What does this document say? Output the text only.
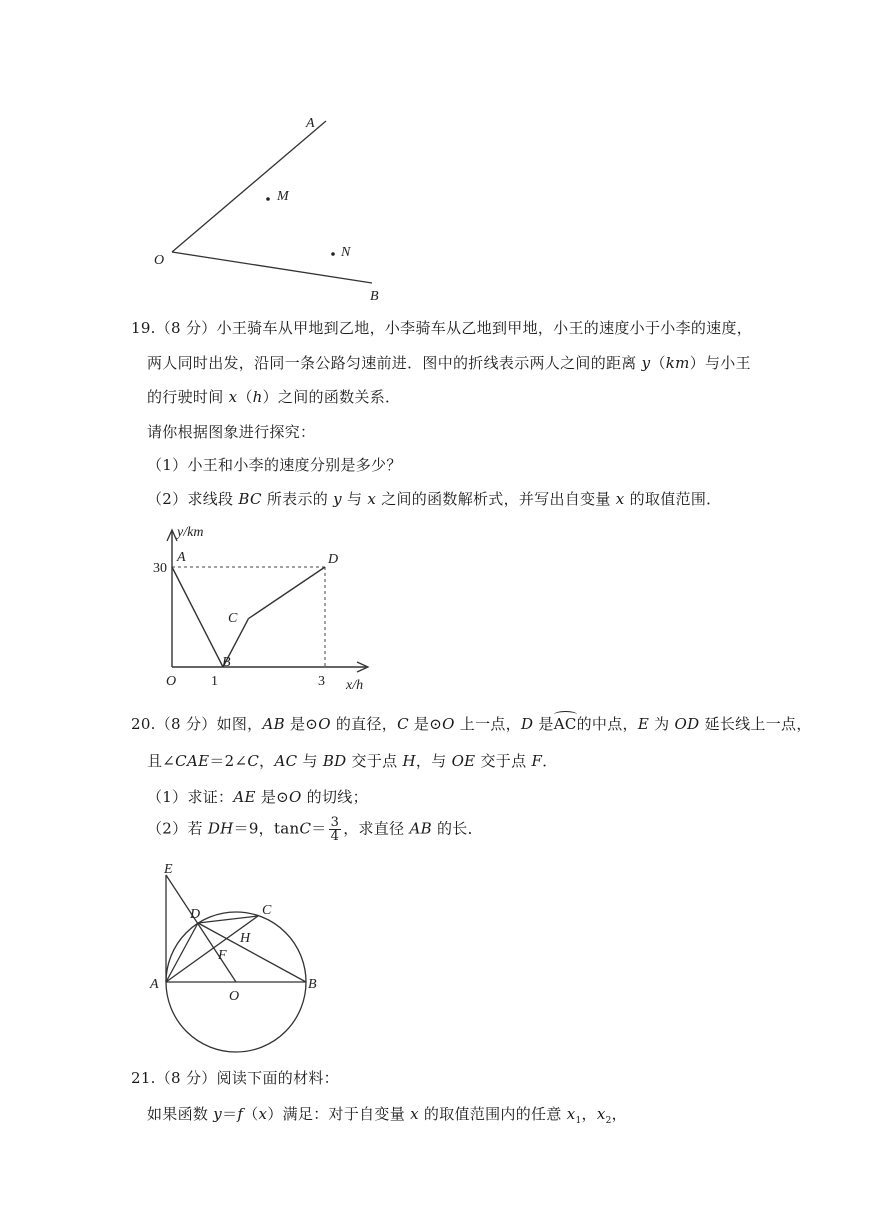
A
M
O
N
B
19.（8 分）小王骑车从甲地到乙地，小李骑车从乙地到甲地，小王的速度小于小李的速度，
两人同时出发，沿同一条公路匀速前进．图中的折线表示两人之间的距离 y（km）与小王
的行驶时间 x（h）之间的函数关系．
请你根据图象进行探究：
（1）小王和小李的速度分别是多少？
（2）求线段 BC 所表示的 y 与 x 之间的函数解析式，并写出自变量 x 的取值范围．
y/km
x/h
30
O 1	3
A
B
C
D
20.（8 分）如图，AB 是⊙O 的直径，C 是⊙O 上一点，D 是AC的中点，E 为 OD 延长线上一点，
且∠CAE＝2∠C，AC 与 BD 交于点 H，与 OE 交于点 F．
（1）求证：AE 是⊙O 的切线；
（2）若 DH＝9，$\tan C= \frac{3}{4}$ ，求直径 AB 的长．
E
D	C
H
F
A
O
B
21.（8 分）阅读下面的材料：
如果函数 y＝f（x）满足：对于自变量 x 的取值范围内的任意 $x_1$，$x_2$，
